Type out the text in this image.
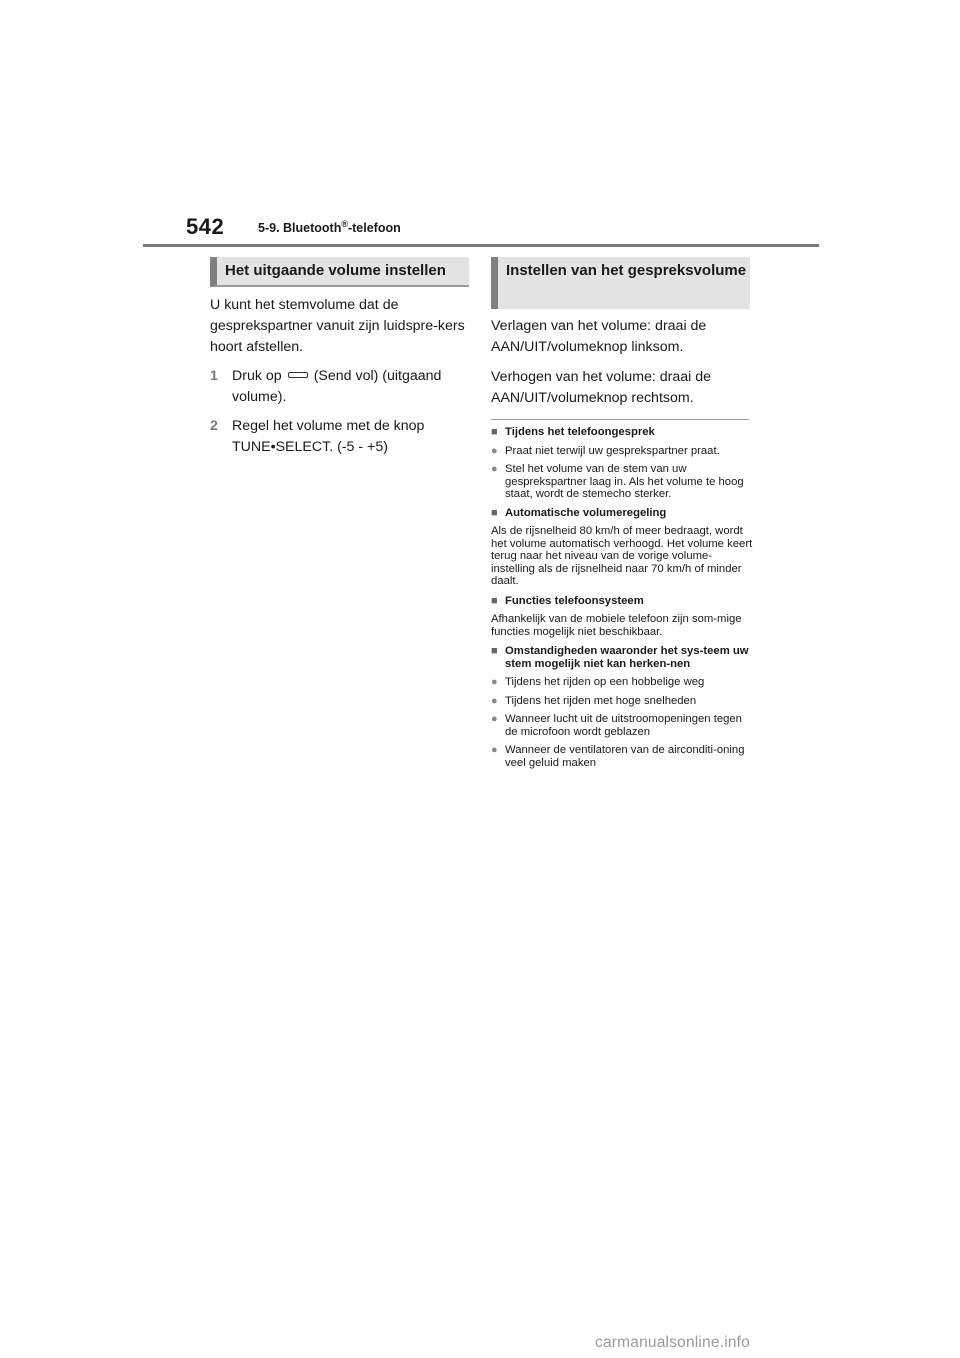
542	5-9. Bluetooth®-telefoon
Het uitgaande volume instellen

U kunt het stemvolume dat de gesprekspartner vanuit zijn luidspre-kers hoort afstellen.

1 Druk op (Send vol) (uitgaand volume).
2 Regel het volume met de knop TUNE•SELECT. (-5 - +5)
Instellen van het gespreksvolume

Verlagen van het volume: draai de AAN/UIT/volumeknop linksom.

Verhogen van het volume: draai de AAN/UIT/volumeknop rechtsom.

■ Tijdens het telefoongesprek
● Praat niet terwijl uw gesprekspartner praat.
● Stel het volume van de stem van uw gesprekspartner laag in. Als het volume te hoog staat, wordt de stemecho sterker.
■ Automatische volumeregeling
Als de rijsnelheid 80 km/h of meer bedraagt, wordt het volume automatisch verhoogd. Het volume keert terug naar het niveau van de vorige volume-instelling als de rijsnelheid naar 70 km/h of minder daalt.
■ Functies telefoonsysteem
Afhankelijk van de mobiele telefoon zijn som-mige functies mogelijk niet beschikbaar.
■ Omstandigheden waaronder het sys-teem uw stem mogelijk niet kan herken-nen
● Tijdens het rijden op een hobbelige weg
● Tijdens het rijden met hoge snelheden
● Wanneer lucht uit de uitstroomopeningen tegen de microfoon wordt geblazen
● Wanneer de ventilatoren van de airconditi-oning veel geluid maken
carmanualsonline.info
